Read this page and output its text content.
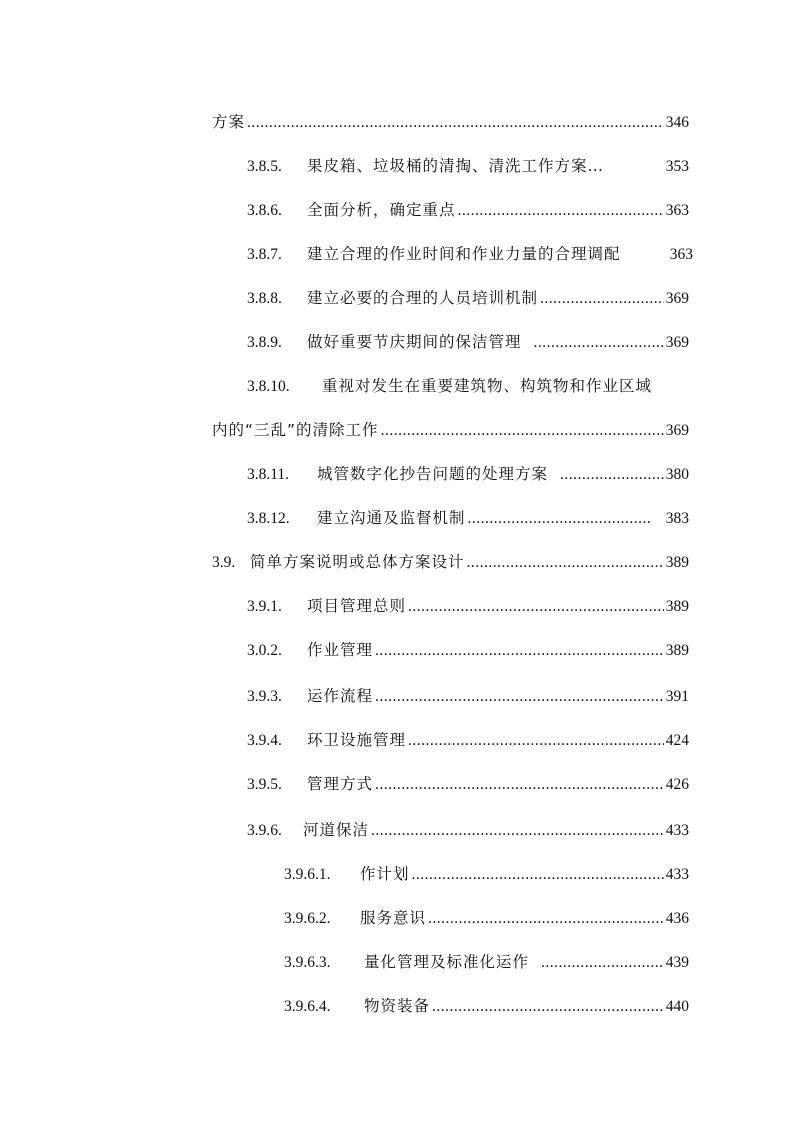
方案 .....	346
3.8.5.	果皮箱、垃圾桶的清掏、清洗工作方案…	353
3.8.6.	全面分析，确定重点 .....	363
3.8.7.	建立合理的作业时间和作业力量的合理调配	363
3.8.8.	建立必要的合理的人员培训机制 .....	369
3.8.9.	做好重要节庆期间的保洁管理 .....	369
3.8.10.	重视对发生在重要建筑物、构筑物和作业区域
内的“三乱”的清除工作 .....	369
3.8.11.	城管数字化抄告问题的处理方案 .....	380
3.8.12.	建立沟通及监督机制 .....	383
3.9. 简单方案说明或总体方案设计 .....	389
3.9.1.	项目管理总则 .....	389
3.0.2.	作业管理 .....	389
3.9.3.	运作流程 .....	391
3.9.4.	环卫设施管理 .....	424
3.9.5.	管理方式 .....	426
3.9.6.	河道保洁 .....	433
3.9.6.1.	作计划 .....	433
3.9.6.2.	服务意识 .....	436
3.9.6.3.	量化管理及标准化运作 .....	439
3.9.6.4.	物资装备 .....	440
